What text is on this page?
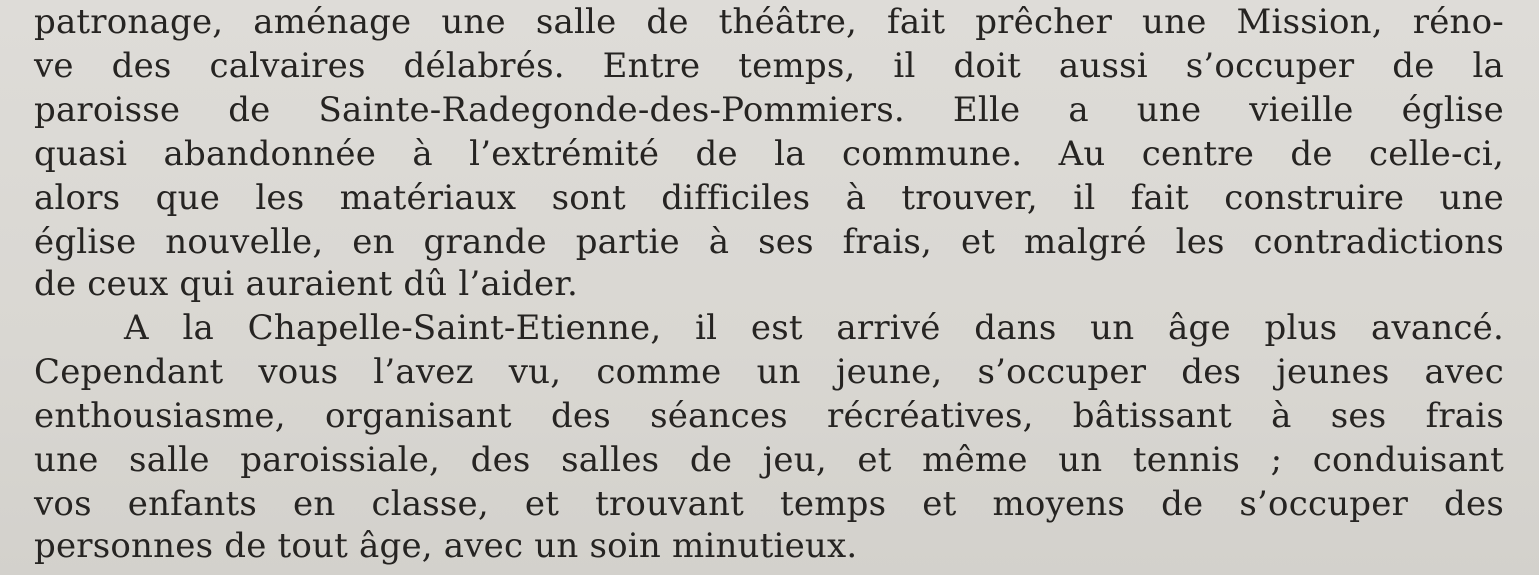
patronage, aménage une salle de théâtre, fait prêcher une Mission, réno-
ve des calvaires délabrés. Entre temps, il doit aussi s’occuper de la
paroisse de Sainte-Radegonde-des-Pommiers. Elle a une vieille église
quasi abandonnée à l’extrémité de la commune. Au centre de celle-ci,
alors que les matériaux sont difficiles à trouver, il fait construire une
église nouvelle, en grande partie à ses frais, et malgré les contradictions
de ceux qui auraient dû l’aider.
A la Chapelle-Saint-Etienne, il est arrivé dans un âge plus avancé.
Cependant vous l’avez vu, comme un jeune, s’occuper des jeunes avec
enthousiasme, organisant des séances récréatives, bâtissant à ses frais
une salle paroissiale, des salles de jeu, et même un tennis ; conduisant
vos enfants en classe, et trouvant temps et moyens de s’occuper des
personnes de tout âge, avec un soin minutieux.
